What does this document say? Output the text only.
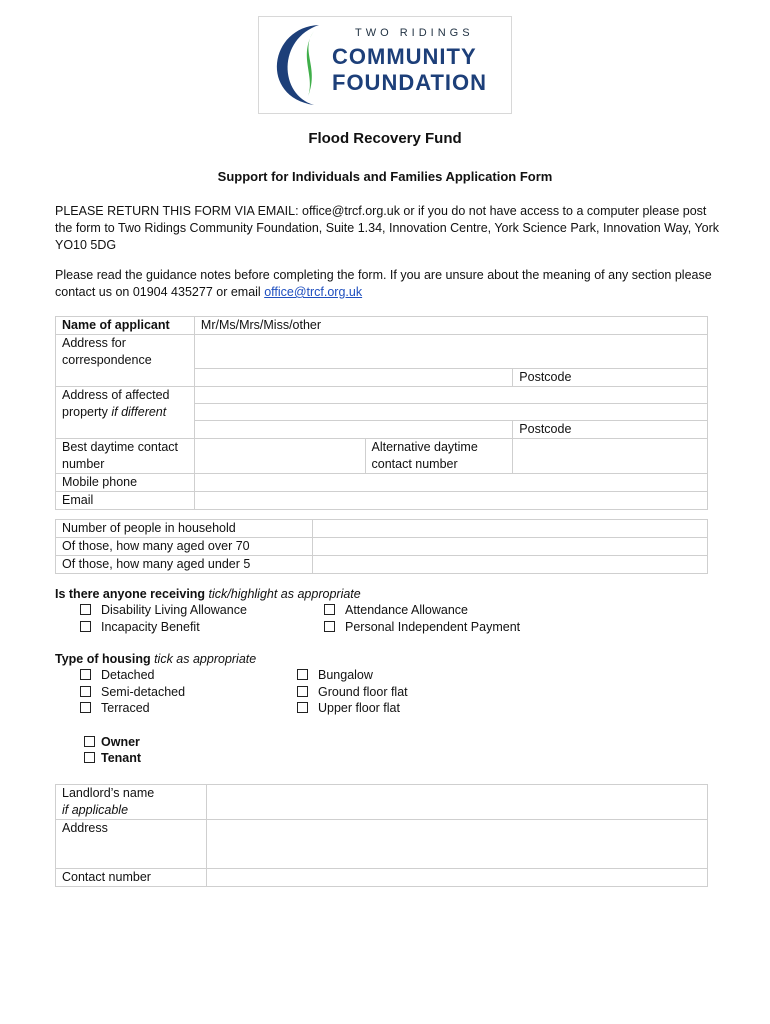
TWO RIDINGS
COMMUNITY
FOUNDATION
Flood Recovery Fund
Support for Individuals and Families Application Form
PLEASE RETURN THIS FORM VIA EMAIL: office@trcf.org.uk or if you do not have access to a computer please post the form to Two Ridings Community Foundation, Suite 1.34, Innovation Centre, York Science Park, Innovation Way, York YO10 5DG
Please read the guidance notes before completing the form. If you are unsure about the meaning of any section please contact us on 01904 435277 or email office@trcf.org.uk
Name of applicant	Mr/Ms/Mrs/Miss/other		
Address for correspondence			
			Postcode
Address of affected property if different			

			Postcode
Best daytime contact number		Alternative daytime contact number	
Mobile phone			
Email			
Number of people in household	
Of those, how many aged over 70	
Of those, how many aged under 5	
Is there anyone receiving tick/highlight as appropriate
Disability Living Allowance	Attendance Allowance
Incapacity Benefit	Personal Independent Payment
Type of housing tick as appropriate
Detached	Bungalow
Semi-detached	Ground floor flat
Terraced	Upper floor flat
Owner
Tenant
Landlord’s name
if applicable	
Address	
Contact number	
